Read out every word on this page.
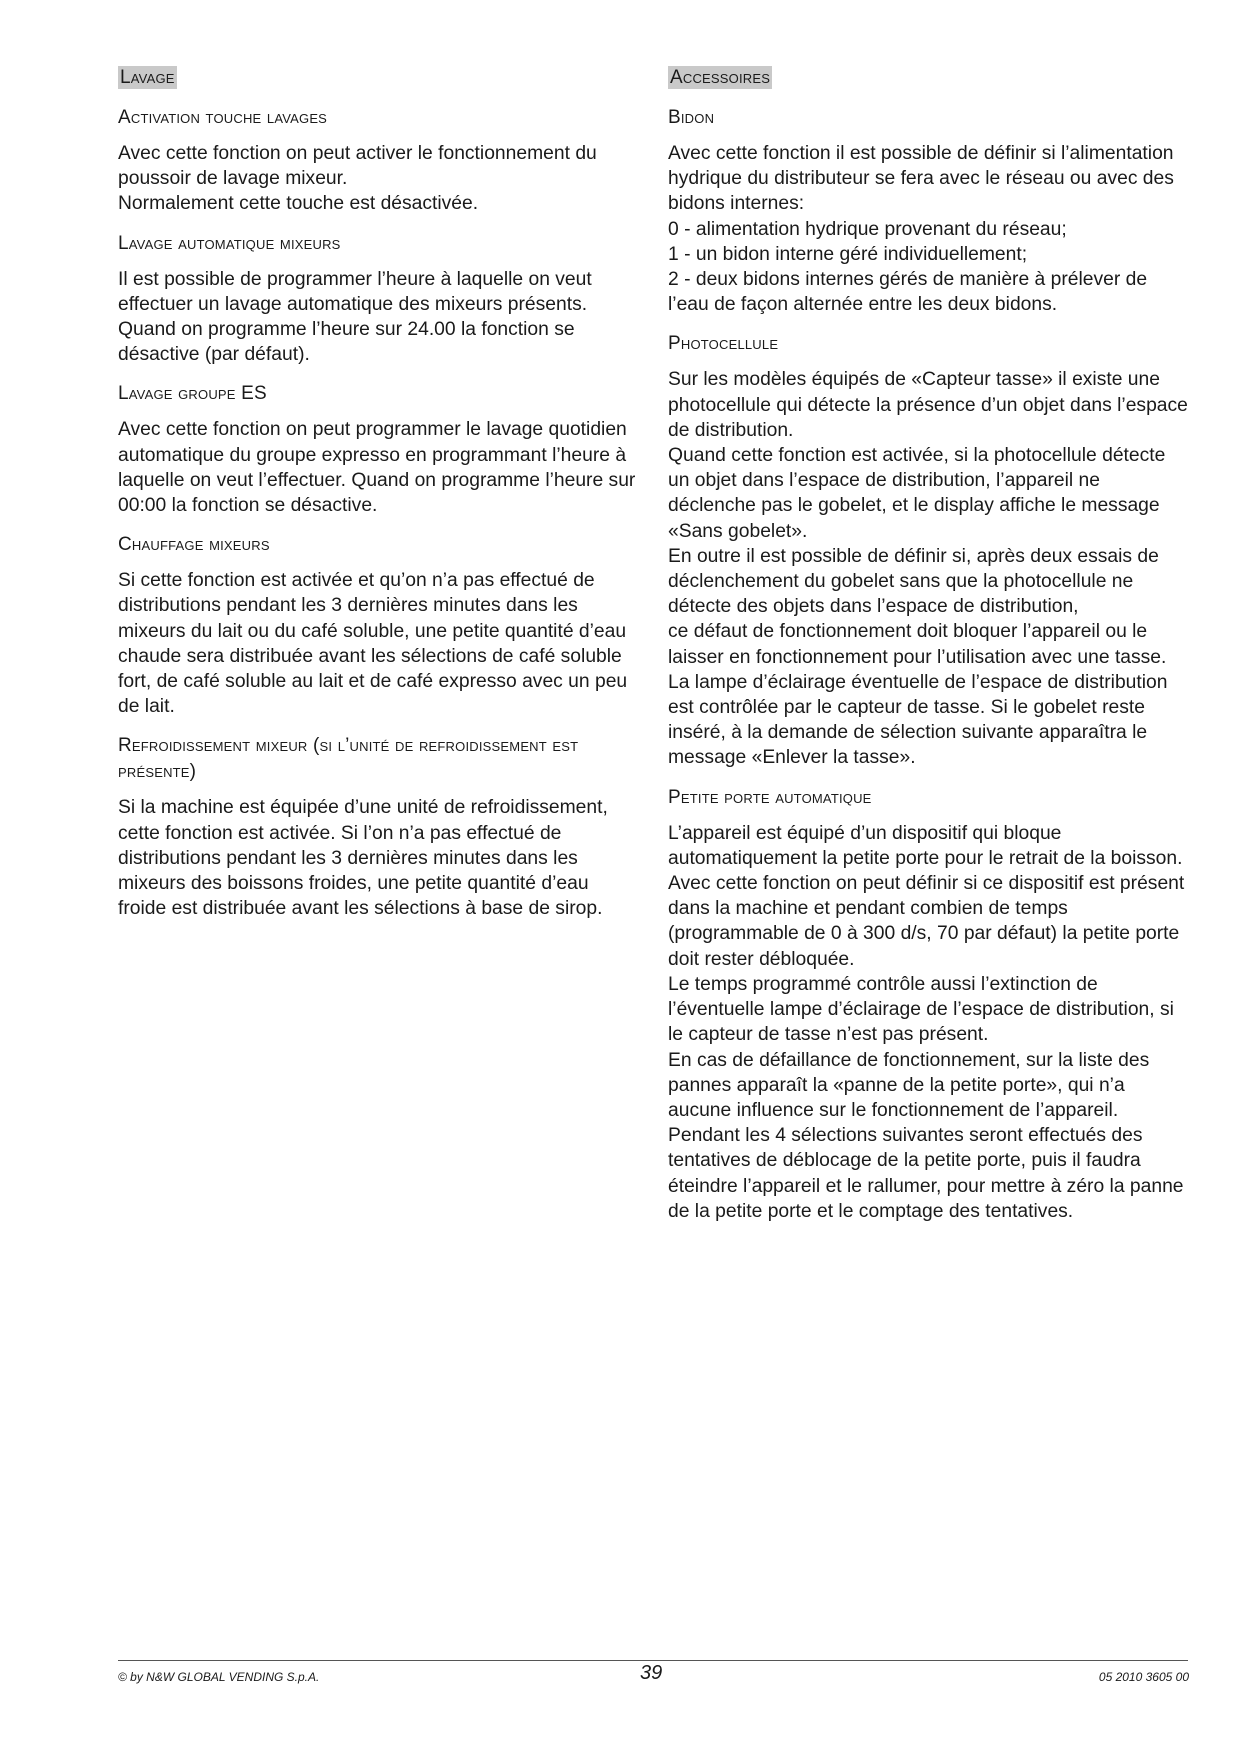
Lavage
Activation touche lavages

Avec cette fonction on peut activer le fonctionnement du poussoir de lavage mixeur.

Normalement cette touche est désactivée.

Lavage automatique mixeurs

Il est possible de programmer l’heure à laquelle on veut effectuer un lavage automatique des mixeurs présents.

Quand on programme l’heure sur 24.00 la fonction se désactive (par défaut).

Lavage groupe ES

Avec cette fonction on peut programmer le lavage quotidien automatique du groupe expresso en programmant l’heure à laquelle on veut l’effectuer. Quand on programme l’heure sur 00:00 la fonction se désactive.

Chauffage mixeurs

Si cette fonction est activée et qu’on n’a pas effectué de distributions pendant les 3 dernières minutes dans les mixeurs du lait ou du café soluble, une petite quantité d’eau chaude sera distribuée avant les sélections de café soluble fort, de café soluble au lait et de café expresso avec un peu de lait.

Refroidissement mixeur (si l’unité de refroidissement est présente)

Si la machine est équipée d’une unité de refroidissement, cette fonction est activée. Si l’on n’a pas effectué de distributions pendant les 3 dernières minutes dans les mixeurs des boissons froides, une petite quantité d’eau froide est distribuée avant les sélections à base de sirop.

Accessoires
Bidon

Avec cette fonction il est possible de définir si l’alimentation hydrique du distributeur se fera avec le réseau ou avec des bidons internes:

0 - alimentation hydrique provenant du réseau;

1 - un bidon interne géré individuellement;

2 - deux bidons internes gérés de manière à prélever de l’eau de façon alternée entre les deux bidons.

Photocellule

Sur les modèles équipés de «Capteur tasse» il existe une photocellule qui détecte la présence d’un objet dans l’espace de distribution.

Quand cette fonction est activée, si la photocellule détecte un objet dans l’espace de distribution, l’appareil ne déclenche pas le gobelet, et le display affiche le message «Sans gobelet».

En outre il est possible de définir si, après deux essais de déclenchement du gobelet sans que la photocellule ne détecte des objets dans l’espace de distribution,

ce défaut de fonctionnement doit bloquer l’appareil ou le laisser en fonctionnement pour l’utilisation avec une tasse.

La lampe d’éclairage éventuelle de l’espace de distribution est contrôlée par le capteur de tasse. Si le gobelet reste inséré, à la demande de sélection suivante apparaîtra le message «Enlever la tasse».

Petite porte automatique

L’appareil est équipé d’un dispositif qui bloque automatiquement la petite porte pour le retrait de la boisson.

Avec cette fonction on peut définir si ce dispositif est présent dans la machine et pendant combien de temps (programmable de 0 à 300 d/s, 70 par défaut) la petite porte doit rester débloquée.

Le temps programmé contrôle aussi l’extinction de l’éventuelle lampe d’éclairage de l’espace de distribution, si le capteur de tasse n’est pas présent.

En cas de défaillance de fonctionnement, sur la liste des pannes apparaît la «panne de la petite porte», qui n’a aucune influence sur le fonctionnement de l’appareil.

Pendant les 4 sélections suivantes seront effectués des tentatives de déblocage de la petite porte, puis il faudra éteindre l’appareil et le rallumer, pour mettre à zéro la panne de la petite porte et le comptage des tentatives.

© by N&W GLOBAL VENDING S.p.A.	39	05 2010 3605 00
